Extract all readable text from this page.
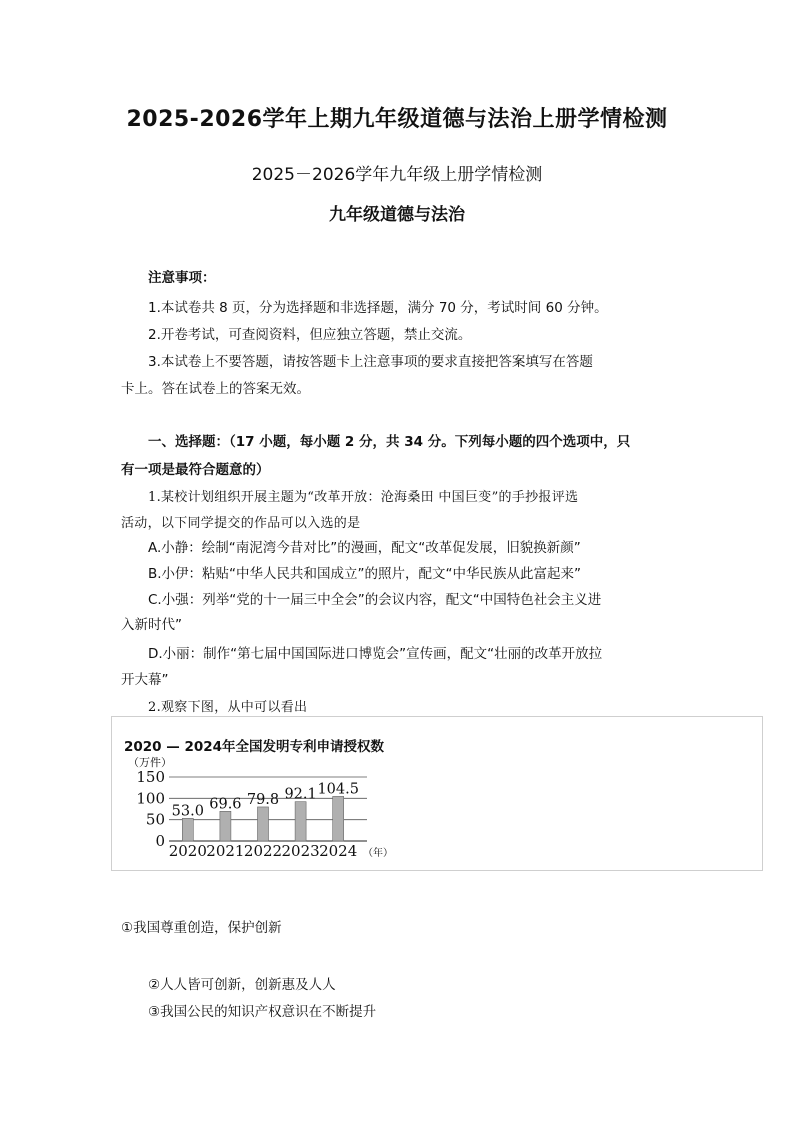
2025-2026学年上期九年级道德与法治上册学情检测
2025－2026学年九年级上册学情检测
九年级道德与法治
注意事项：
1.本试卷共 8 页，分为选择题和非选择题，满分 70 分，考试时间 60 分钟。
2.开卷考试，可查阅资料，但应独立答题，禁止交流。
3.本试卷上不要答题，请按答题卡上注意事项的要求直接把答案填写在答题
卡上。答在试卷上的答案无效。
一、选择题：（17 小题，每小题 2 分，共 34 分。下列每小题的四个选项中，只
有一项是最符合题意的）
1.某校计划组织开展主题为“改革开放：沧海桑田 中国巨变”的手抄报评选
活动，以下同学提交的作品可以入选的是
A.小静：绘制“南泥湾今昔对比”的漫画，配文“改革促发展，旧貌换新颜”
B.小伊：粘贴“中华人民共和国成立”的照片，配文“中华民族从此富起来”
C.小强：列举“党的十一届三中全会”的会议内容，配文“中国特色社会主义进
入新时代”
D.小丽：制作“第七届中国国际进口博览会”宣传画，配文“壮丽的改革开放拉
开大幕”
2.观察下图，从中可以看出
2020 — 2024年全国发明专利申请授权数
（万件）
0
50
100
150
53.0
2020
69.6
2021
79.8
2022
92.1
2023
104.5
2024 （年）
①我国尊重创造，保护创新
②人人皆可创新，创新惠及人人
③我国公民的知识产权意识在不断提升
